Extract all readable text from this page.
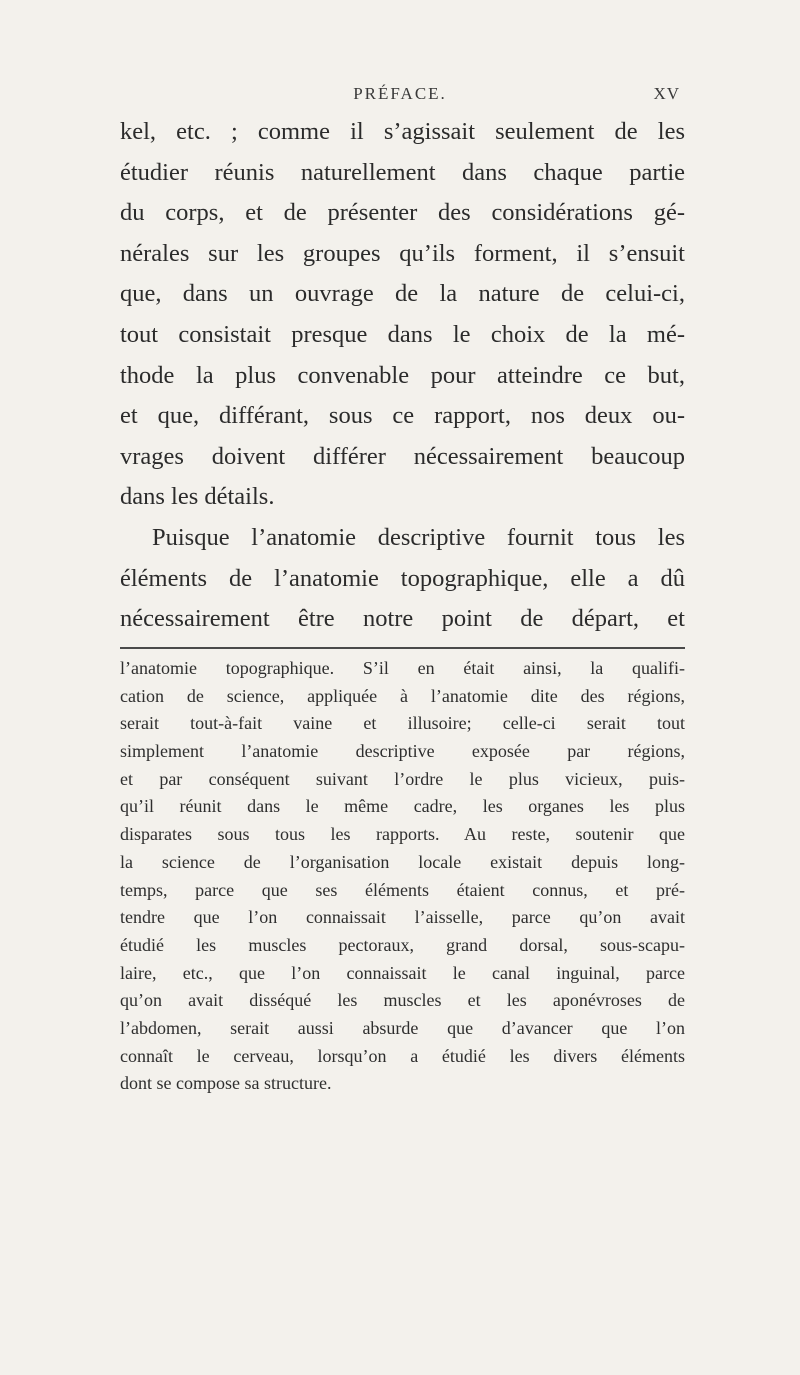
PRÉFACE.	XV
kel, etc. ; comme il s’agissait seulement de les
étudier réunis naturellement dans chaque partie
du corps, et de présenter des considérations gé-
nérales sur les groupes qu’ils forment, il s’ensuit
que, dans un ouvrage de la nature de celui-ci,
tout consistait presque dans le choix de la mé-
thode la plus convenable pour atteindre ce but,
et que, différant, sous ce rapport, nos deux ou-
vrages doivent différer nécessairement beaucoup
dans les détails.
Puisque l’anatomie descriptive fournit tous les
éléments de l’anatomie topographique, elle a dû
nécessairement être notre point de départ, et
l’anatomie topographique. S’il en était ainsi, la qualifi-
cation de science, appliquée à l’anatomie dite des régions,
serait tout-à-fait vaine et illusoire; celle-ci serait tout
simplement l’anatomie descriptive exposée par régions,
et par conséquent suivant l’ordre le plus vicieux, puis-
qu’il réunit dans le même cadre, les organes les plus
disparates sous tous les rapports. Au reste, soutenir que
la science de l’organisation locale existait depuis long-
temps, parce que ses éléments étaient connus, et pré-
tendre que l’on connaissait l’aisselle, parce qu’on avait
étudié les muscles pectoraux, grand dorsal, sous-scapu-
laire, etc., que l’on connaissait le canal inguinal, parce
qu’on avait disséqué les muscles et les aponévroses de
l’abdomen, serait aussi absurde que d’avancer que l’on
connaît le cerveau, lorsqu’on a étudié les divers éléments
dont se compose sa structure.
